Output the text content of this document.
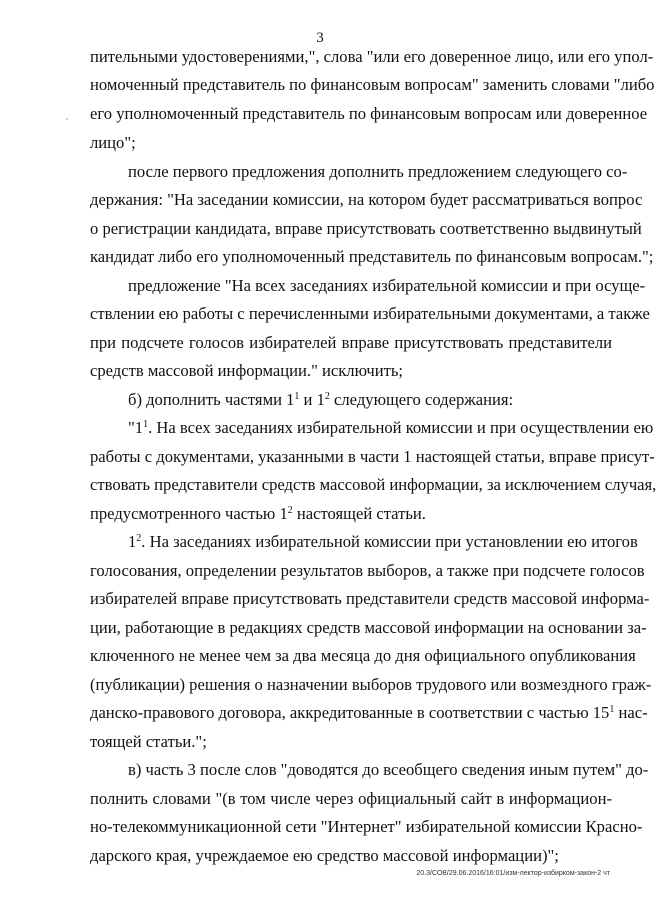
3
пительными удостоверениями,", слова "или его доверенное лицо, или его упол-
номоченный представитель по финансовым вопросам" заменить словами "либо
его уполномоченный представитель по финансовым вопросам или доверенное
лицо";
после первого предложения дополнить предложением следующего со-
держания: "На заседании комиссии, на котором будет рассматриваться вопрос
о регистрации кандидата, вправе присутствовать соответственно выдвинутый
кандидат либо его уполномоченный представитель по финансовым вопросам.";
предложение "На всех заседаниях избирательной комиссии и при осуще-
ствлении ею работы с перечисленными избирательными документами, а также
при подсчете голосов избирателей вправе присутствовать представители
средств массовой информации." исключить;
б) дополнить частями $1^1$ и $1^2$ следующего содержания:
"$1^1$. На всех заседаниях избирательной комиссии и при осуществлении ею
работы с документами, указанными в части 1 настоящей статьи, вправе присут-
ствовать представители средств массовой информации, за исключением случая,
предусмотренного частью $1^2$ настоящей статьи.
$1^2$. На заседаниях избирательной комиссии при установлении ею итогов
голосования, определении результатов выборов, а также при подсчете голосов
избирателей вправе присутствовать представители средств массовой информа-
ции, работающие в редакциях средств массовой информации на основании за-
ключенного не менее чем за два месяца до дня официального опубликования
(публикации) решения о назначении выборов трудового или возмездного граж-
данско-правового договора, аккредитованные в соответствии с частью $15^1$ нас-
тоящей статьи.";
в) часть 3 после слов "доводятся до всеобщего сведения иным путем" до-
полнить словами "(в том числе через официальный сайт в информацион-
но-телекоммуникационной сети "Интернет" избирательной комиссии Красно-
дарского края, учреждаемое ею средство массовой информации)";
20.3/СОВ/29.06.2016/16:01/изм-лектор-избирком-закон-2 чт
